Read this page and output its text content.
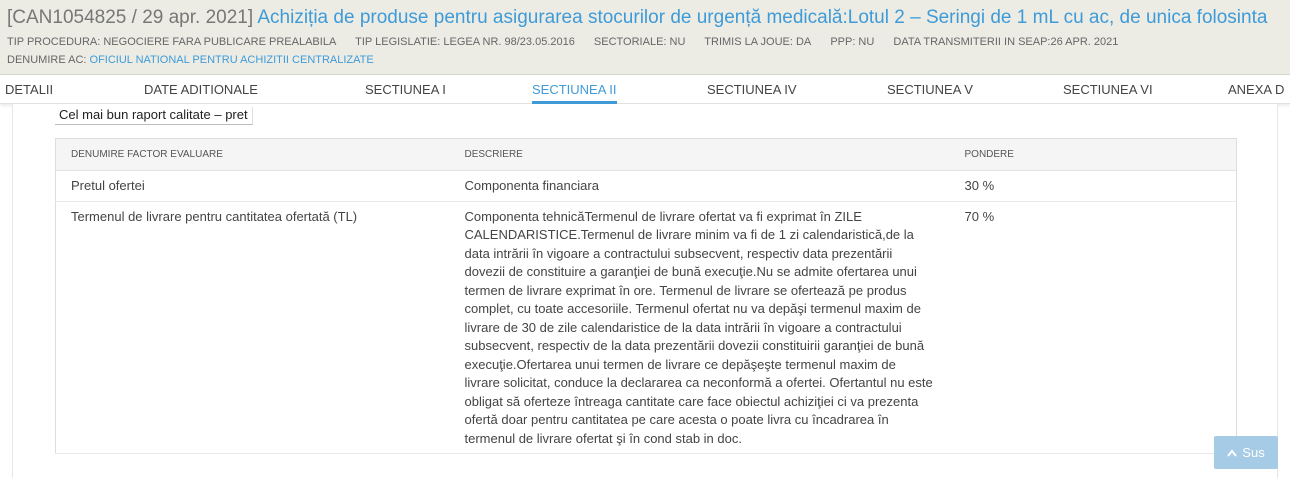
[CAN1054825 / 29 apr. 2021] Achiziția de produse pentru asigurarea stocurilor de urgență medicală:Lotul 2 – Seringi de 1 mL cu ac, de unica folosinta
TIP PROCEDURA: NEGOCIERE FARA PUBLICARE PREALABILA TIP LEGISLATIE: LEGEA NR. 98/23.05.2016 SECTORIALE: NU TRIMIS LA JOUE: DA PPP: NU DATA TRANSMITERII IN SEAP:26 APR. 2021
DENUMIRE AC: OFICIUL NATIONAL PENTRU ACHIZITII CENTRALIZATE
DETALII	DATE ADITIONALE	SECTIUNEA I	SECTIUNEA II	SECTIUNEA IV	SECTIUNEA V	SECTIUNEA VI	ANEXA D
Cel mai bun raport calitate – pret
DENUMIRE FACTOR EVALUARE	DESCRIERE	PONDERE
Pretul ofertei	Componenta financiara	30 %
Termenul de livrare pentru cantitatea ofertată (TL)	Componenta tehnicăTermenul de livrare ofertat va fi exprimat în ZILE CALENDARISTICE.Termenul de livrare minim va fi de 1 zi calendaristică,de la data intrării în vigoare a contractului subsecvent, respectiv data prezentării dovezii de constituire a garanţiei de bună execuţie.Nu se admite ofertarea unui termen de livrare exprimat în ore. Termenul de livrare se ofertează pe produs complet, cu toate accesoriile. Termenul ofertat nu va depăşi termenul maxim de livrare de 30 de zile calendaristice de la data intrării în vigoare a contractului subsecvent, respectiv de la data prezentării dovezii constituirii garanţiei de bună execuţie.Ofertarea unui termen de livrare ce depăşeşte termenul maxim de livrare solicitat, conduce la declararea ca neconformă a ofertei. Ofertantul nu este obligat să oferteze întreaga cantitate care face obiectul achiziţiei ci va prezenta ofertă doar pentru cantitatea pe care acesta o poate livra cu încadrarea în termenul de livrare ofertat şi în cond stab in doc.	70 %
Sus
